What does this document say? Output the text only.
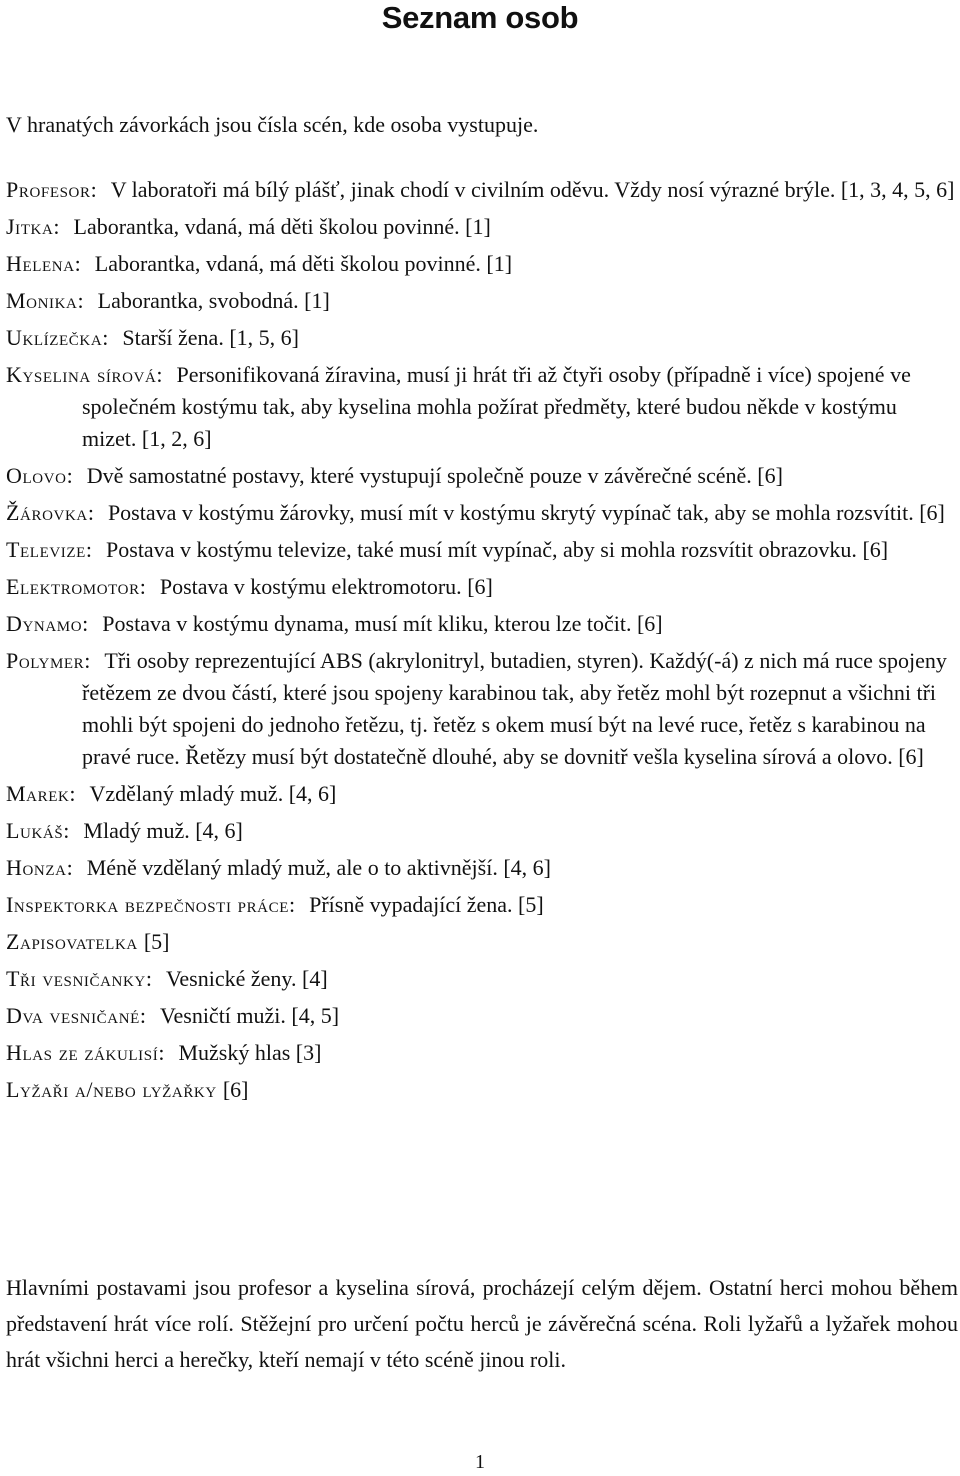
Seznam osob

V hranatých závorkách jsou čísla scén, kde osoba vystupuje.

Profesor: V laboratoři má bílý plášť, jinak chodí v civilním oděvu. Vždy nosí výrazné brýle. [1, 3, 4, 5, 6]
Jitka: Laborantka, vdaná, má děti školou povinné. [1]
Helena: Laborantka, vdaná, má děti školou povinné. [1]
Monika: Laborantka, svobodná. [1]
Uklízečka: Starší žena. [1, 5, 6]
Kyselina sírová: Personifikovaná žíravina, musí ji hrát tři až čtyři osoby (případně i více) spojené ve společném kostýmu tak, aby kyselina mohla požírat předměty, které budou někde v kostýmu mizet. [1, 2, 6]
Olovo: Dvě samostatné postavy, které vystupují společně pouze v závěrečné scéně. [6]
Žárovka: Postava v kostýmu žárovky, musí mít v kostýmu skrytý vypínač tak, aby se mohla rozsvítit. [6]
Televize: Postava v kostýmu televize, také musí mít vypínač, aby si mohla rozsvítit obrazovku. [6]
Elektromotor: Postava v kostýmu elektromotoru. [6]
Dynamo: Postava v kostýmu dynama, musí mít kliku, kterou lze točit. [6]
Polymer: Tři osoby reprezentující ABS (akrylonitryl, butadien, styren). Každý(-á) z nich má ruce spojeny řetězem ze dvou částí, které jsou spojeny karabinou tak, aby řetěz mohl být rozepnut a všichni tři mohli být spojeni do jednoho řetězu, tj. řetěz s okem musí být na levé ruce, řetěz s karabinou na pravé ruce. Řetězy musí být dostatečně dlouhé, aby se dovnitř vešla kyselina sírová a olovo. [6]
Marek: Vzdělaný mladý muž. [4, 6]
Lukáš: Mladý muž. [4, 6]
Honza: Méně vzdělaný mladý muž, ale o to aktivnější. [4, 6]
Inspektorka bezpečnosti práce: Přísně vypadající žena. [5]
Zapisovatelka [5]
Tři vesničanky: Vesnické ženy. [4]
Dva vesničané: Vesničtí muži. [4, 5]
Hlas ze zákulisí: Mužský hlas [3]
Lyžaři a/nebo lyžařky [6]

Hlavními postavami jsou profesor a kyselina sírová, procházejí celým dějem. Ostatní herci mohou během představení hrát více rolí. Stěžejní pro určení počtu herců je závěrečná scéna. Roli lyžařů a lyžařek mohou hrát všichni herci a herečky, kteří nemají v této scéně jinou roli.

1
